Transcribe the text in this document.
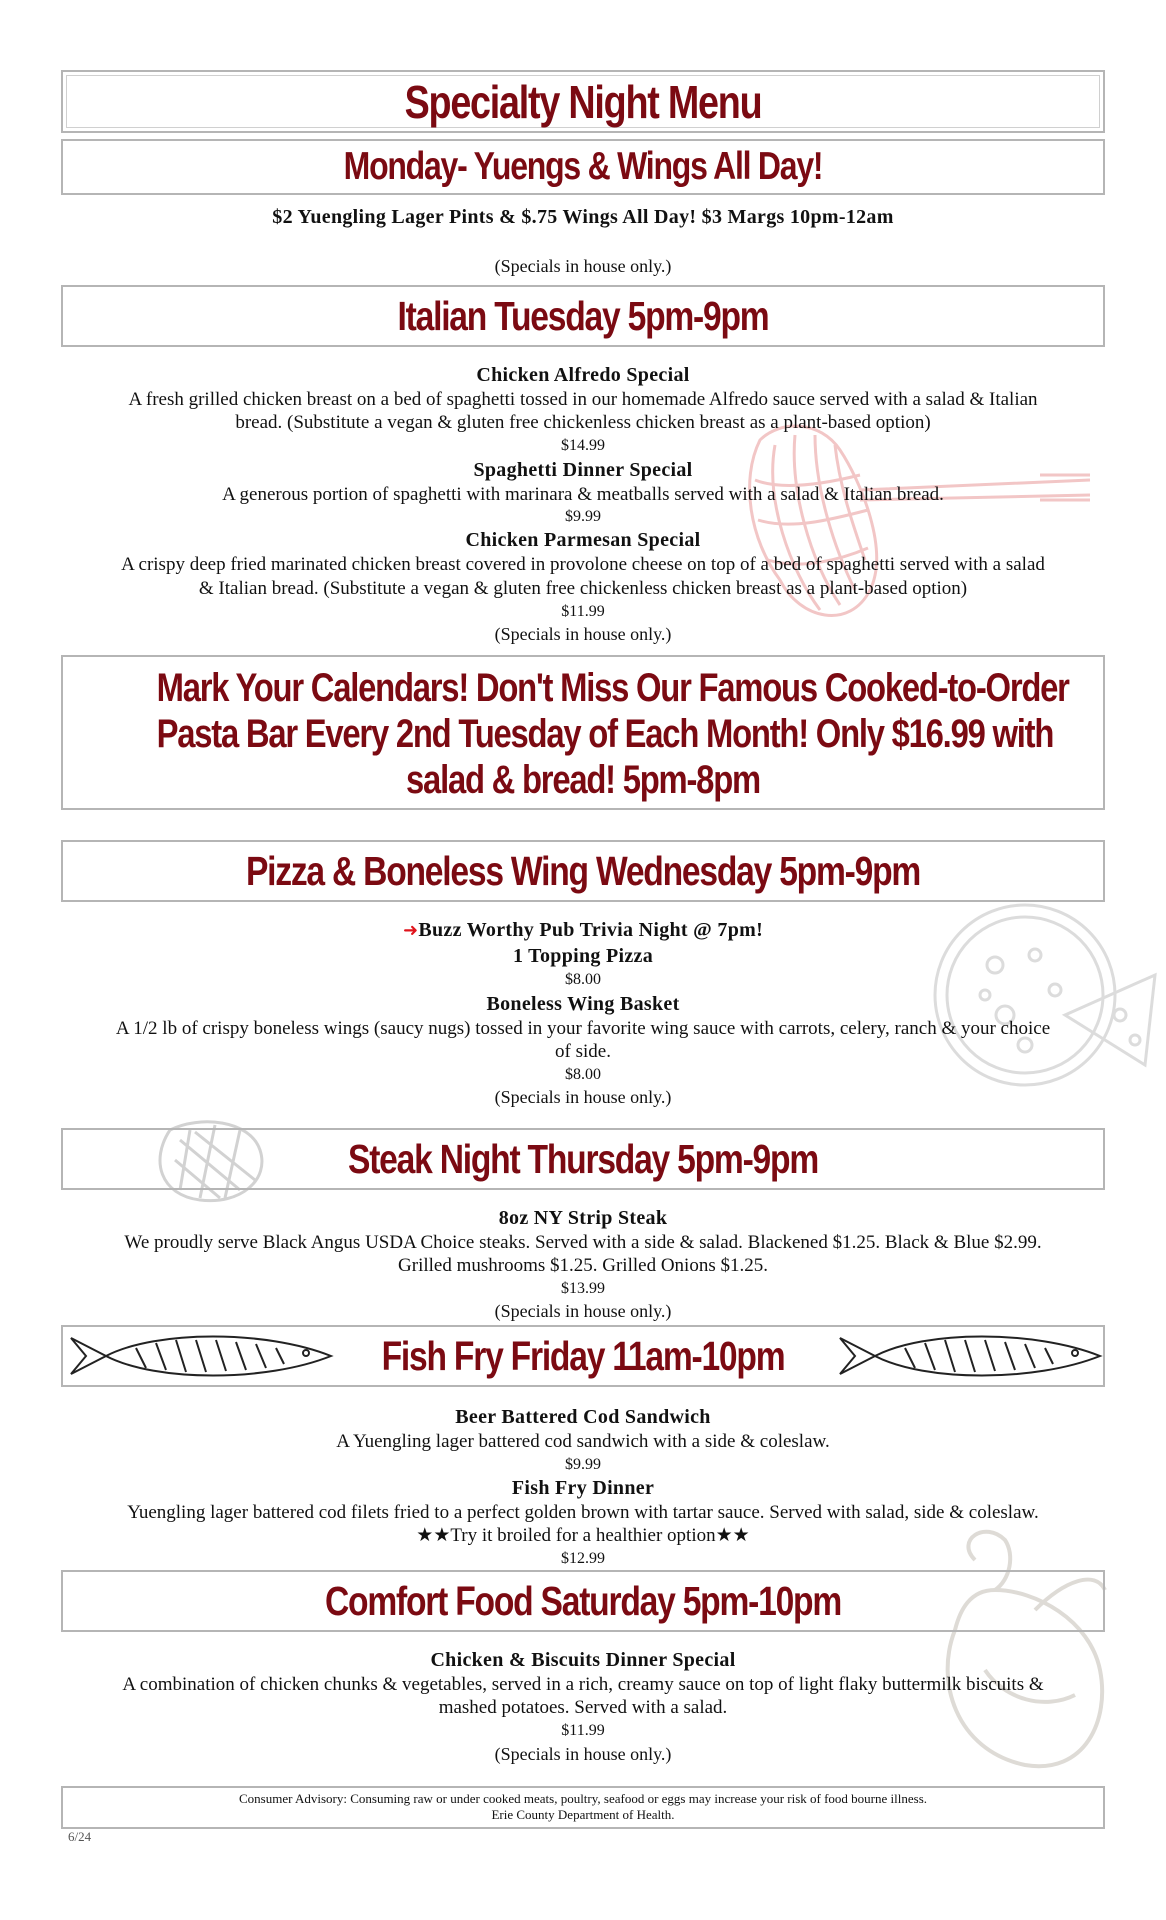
Specialty Night Menu
Monday- Yuengs & Wings All Day!
$2 Yuengling Lager Pints & $.75 Wings All Day! $3 Margs 10pm-12am
(Specials in house only.)
Italian Tuesday 5pm-9pm
Chicken Alfredo Special
A fresh grilled chicken breast on a bed of spaghetti tossed in our homemade Alfredo sauce served with a salad & Italian
bread. (Substitute a vegan & gluten free chickenless chicken breast as a plant-based option)
$14.99
Spaghetti Dinner Special
A generous portion of spaghetti with marinara & meatballs served with a salad & Italian bread.
$9.99
Chicken Parmesan Special
A crispy deep fried marinated chicken breast covered in provolone cheese on top of a bed of spaghetti served with a salad
& Italian bread. (Substitute a vegan & gluten free chickenless chicken breast as a plant-based option)
$11.99
(Specials in house only.)
Mark Your Calendars! Don't Miss Our Famous Cooked-to-Order
Pasta Bar Every 2nd Tuesday of Each Month! Only $16.99 with
salad & bread! 5pm-8pm
Pizza & Boneless Wing Wednesday 5pm-9pm
➜Buzz Worthy Pub Trivia Night @ 7pm!
1 Topping Pizza
$8.00
Boneless Wing Basket
A 1/2 lb of crispy boneless wings (saucy nugs) tossed in your favorite wing sauce with carrots, celery, ranch & your choice
of side.
$8.00
(Specials in house only.)
Steak Night Thursday 5pm-9pm
8oz NY Strip Steak
We proudly serve Black Angus USDA Choice steaks. Served with a side & salad. Blackened $1.25. Black & Blue $2.99.
Grilled mushrooms $1.25. Grilled Onions $1.25.
$13.99
(Specials in house only.)
Fish Fry Friday 11am-10pm
Beer Battered Cod Sandwich
A Yuengling lager battered cod sandwich with a side & coleslaw.
$9.99
Fish Fry Dinner
Yuengling lager battered cod filets fried to a perfect golden brown with tartar sauce. Served with salad, side & coleslaw.
★★Try it broiled for a healthier option★★
$12.99
Comfort Food Saturday 5pm-10pm
Chicken & Biscuits Dinner Special
A combination of chicken chunks & vegetables, served in a rich, creamy sauce on top of light flaky buttermilk biscuits &
mashed potatoes. Served with a salad.
$11.99
(Specials in house only.)
Consumer Advisory: Consuming raw or under cooked meats, poultry, seafood or eggs may increase your risk of food bourne illness.
Erie County Department of Health.
6/24
